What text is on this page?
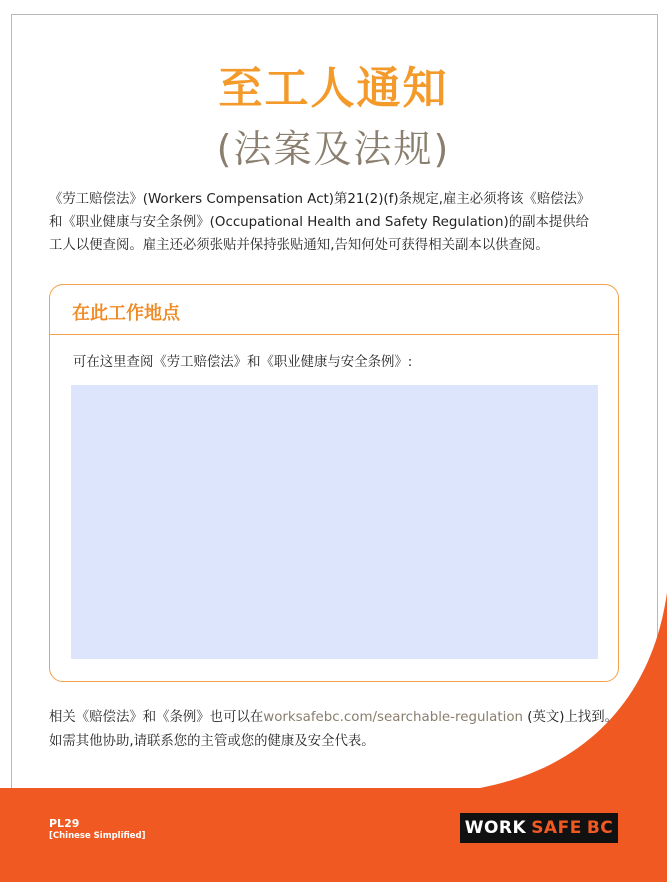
至工人通知
(法案及法规)

《劳工赔偿法》(Workers Compensation Act)第21(2)(f)条规定,雇主必须将该《赔偿法》

和《职业健康与安全条例》(Occupational Health and Safety Regulation)的副本提供给

工人以便查阅。雇主还必须张贴并保持张贴通知,告知何处可获得相关副本以供查阅。

在此工作地点
可在这里查阅《劳工赔偿法》和《职业健康与安全条例》:

相关《赔偿法》和《条例》也可以在worksafebc.com/searchable-regulation (英文)上找到。

如需其他协助,请联系您的主管或您的健康及安全代表。

PL29
[Chinese Simplified]	WORK SAFE BC
